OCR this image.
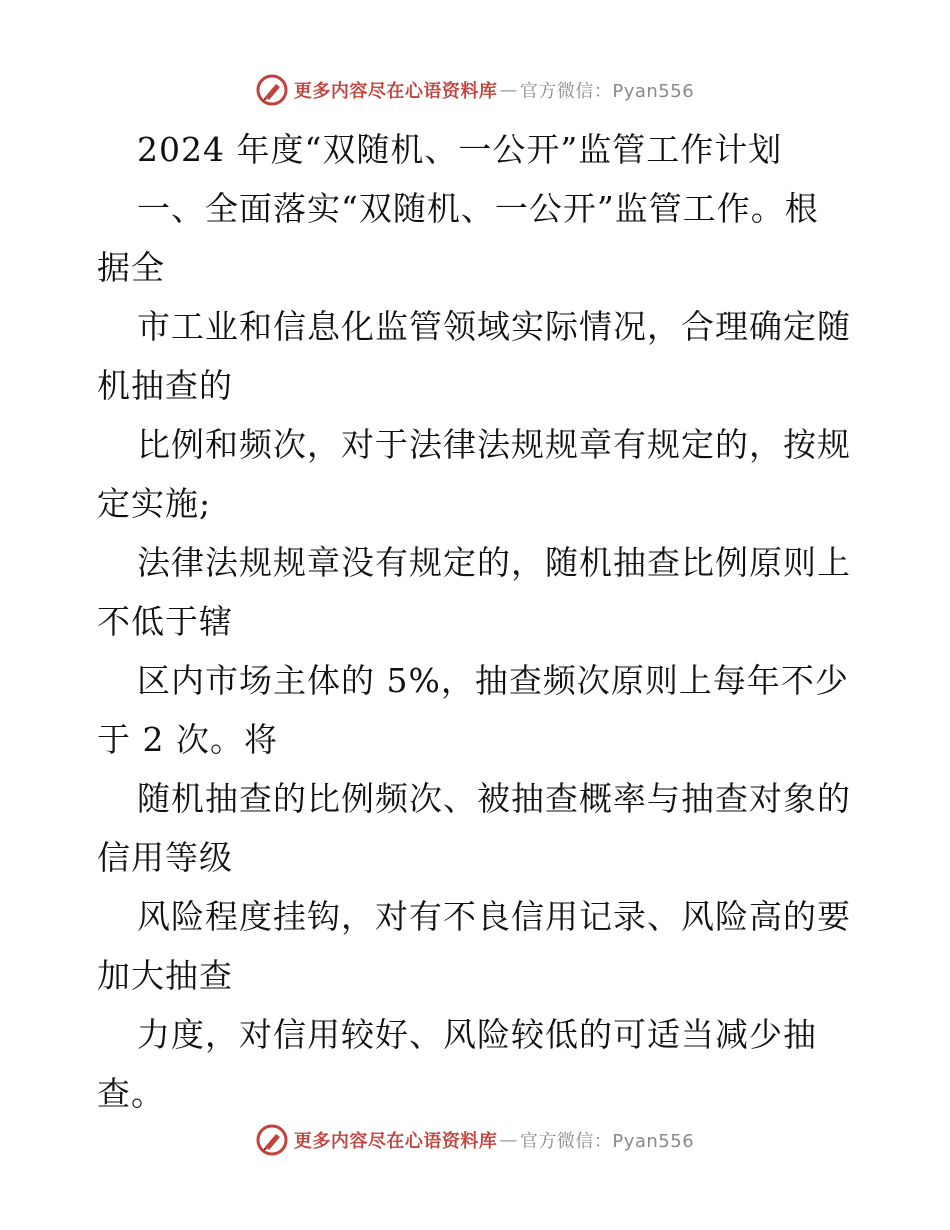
更多内容尽在心语资料库 — 官方微信：Pyan556
2024 年度“双随机、一公开”监管工作计划
一、全面落实“双随机、一公开”监管工作。根
据全
市工业和信息化监管领域实际情况，合理确定随
机抽查的
比例和频次，对于法律法规规章有规定的，按规
定实施;
法律法规规章没有规定的，随机抽查比例原则上
不低于辖
区内市场主体的 5%，抽查频次原则上每年不少
于 2 次。将
随机抽查的比例频次、被抽查概率与抽查对象的
信用等级
风险程度挂钩，对有不良信用记录、风险高的要
加大抽查
力度，对信用较好、风险较低的可适当减少抽
查。
更多内容尽在心语资料库 — 官方微信：Pyan556
